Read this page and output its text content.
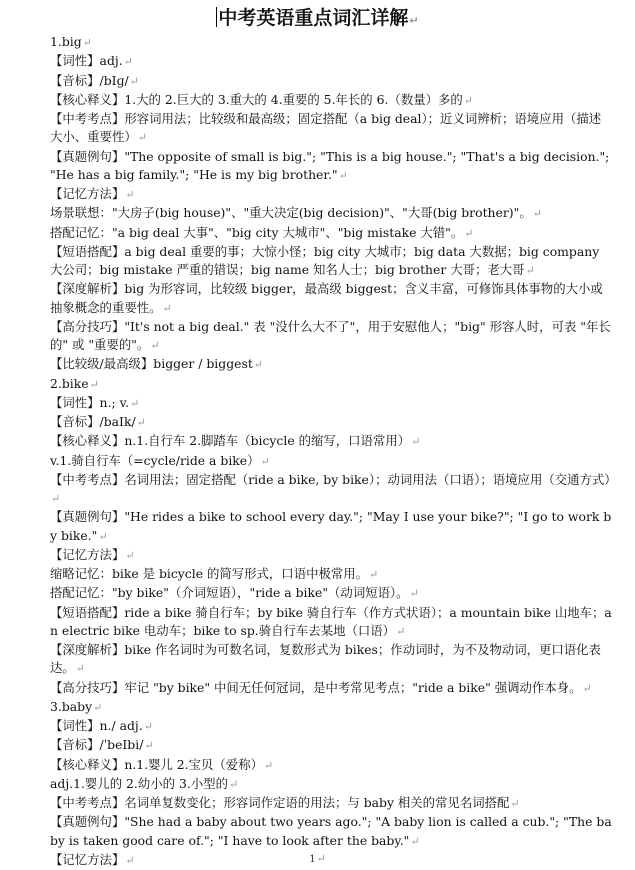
中考英语重点词汇详解↵

1.big↵

【词性】adj.↵

【音标】/bIɡ/↵

【核心释义】1.大的 2.巨大的 3.重大的 4.重要的 5.年长的 6.（数量）多的↵

【中考考点】形容词用法；比较级和最高级；固定搭配（a big deal）；近义词辨析；语境应用（描述大小、重要性）↵

【真题例句】"The opposite of small is big."; "This is a big house."; "That's a big decision."; "He has a big family."; "He is my big brother."↵

【记忆方法】↵

场景联想："大房子(big house)"、"重大决定(big decision)"、"大哥(big brother)"。↵

搭配记忆："a big deal 大事"、"big city 大城市"、"big mistake 大错"。↵

【短语搭配】a big deal 重要的事；大惊小怪；big city 大城市；big data 大数据；big company 大公司；big mistake 严重的错误；big name 知名人士；big brother 大哥；老大哥↵

【深度解析】big 为形容词，比较级 bigger，最高级 biggest；含义丰富，可修饰具体事物的大小或抽象概念的重要性。↵

【高分技巧】"It's not a big deal." 表 "没什么大不了"，用于安慰他人；"big" 形容人时，可表 "年长的" 或 "重要的"。↵

【比较级/最高级】bigger / biggest↵

2.bike↵

【词性】n.; v.↵

【音标】/baIk/↵

【核心释义】n.1.自行车 2.脚踏车（bicycle 的缩写，口语常用）↵

v.1.骑自行车（=cycle/ride a bike）↵

【中考考点】名词用法；固定搭配（ride a bike, by bike）；动词用法（口语）；语境应用（交通方式）↵

【真题例句】"He rides a bike to school every day."; "May I use your bike?"; "I go to work by bike."↵

【记忆方法】↵

缩略记忆：bike 是 bicycle 的简写形式，口语中极常用。↵

搭配记忆："by bike"（介词短语），"ride a bike"（动词短语）。↵

【短语搭配】ride a bike 骑自行车；by bike 骑自行车（作方式状语）；a mountain bike 山地车；an electric bike 电动车；bike to sp.骑自行车去某地（口语）↵

【深度解析】bike 作名词时为可数名词，复数形式为 bikes；作动词时，为不及物动词，更口语化表达。↵

【高分技巧】牢记 "by bike" 中间无任何冠词，是中考常见考点；"ride a bike" 强调动作本身。↵

3.baby↵

【词性】n./ adj.↵

【音标】/ˈbeIbi/↵

【核心释义】n.1.婴儿 2.宝贝（爱称）↵

adj.1.婴儿的 2.幼小的 3.小型的↵

【中考考点】名词单复数变化；形容词作定语的用法；与 baby 相关的常见名词搭配↵

【真题例句】"She had a baby about two years ago."; "A baby lion is called a cub."; "The baby is taken good care of."; "I have to look after the baby."↵

【记忆方法】↵	1↵
